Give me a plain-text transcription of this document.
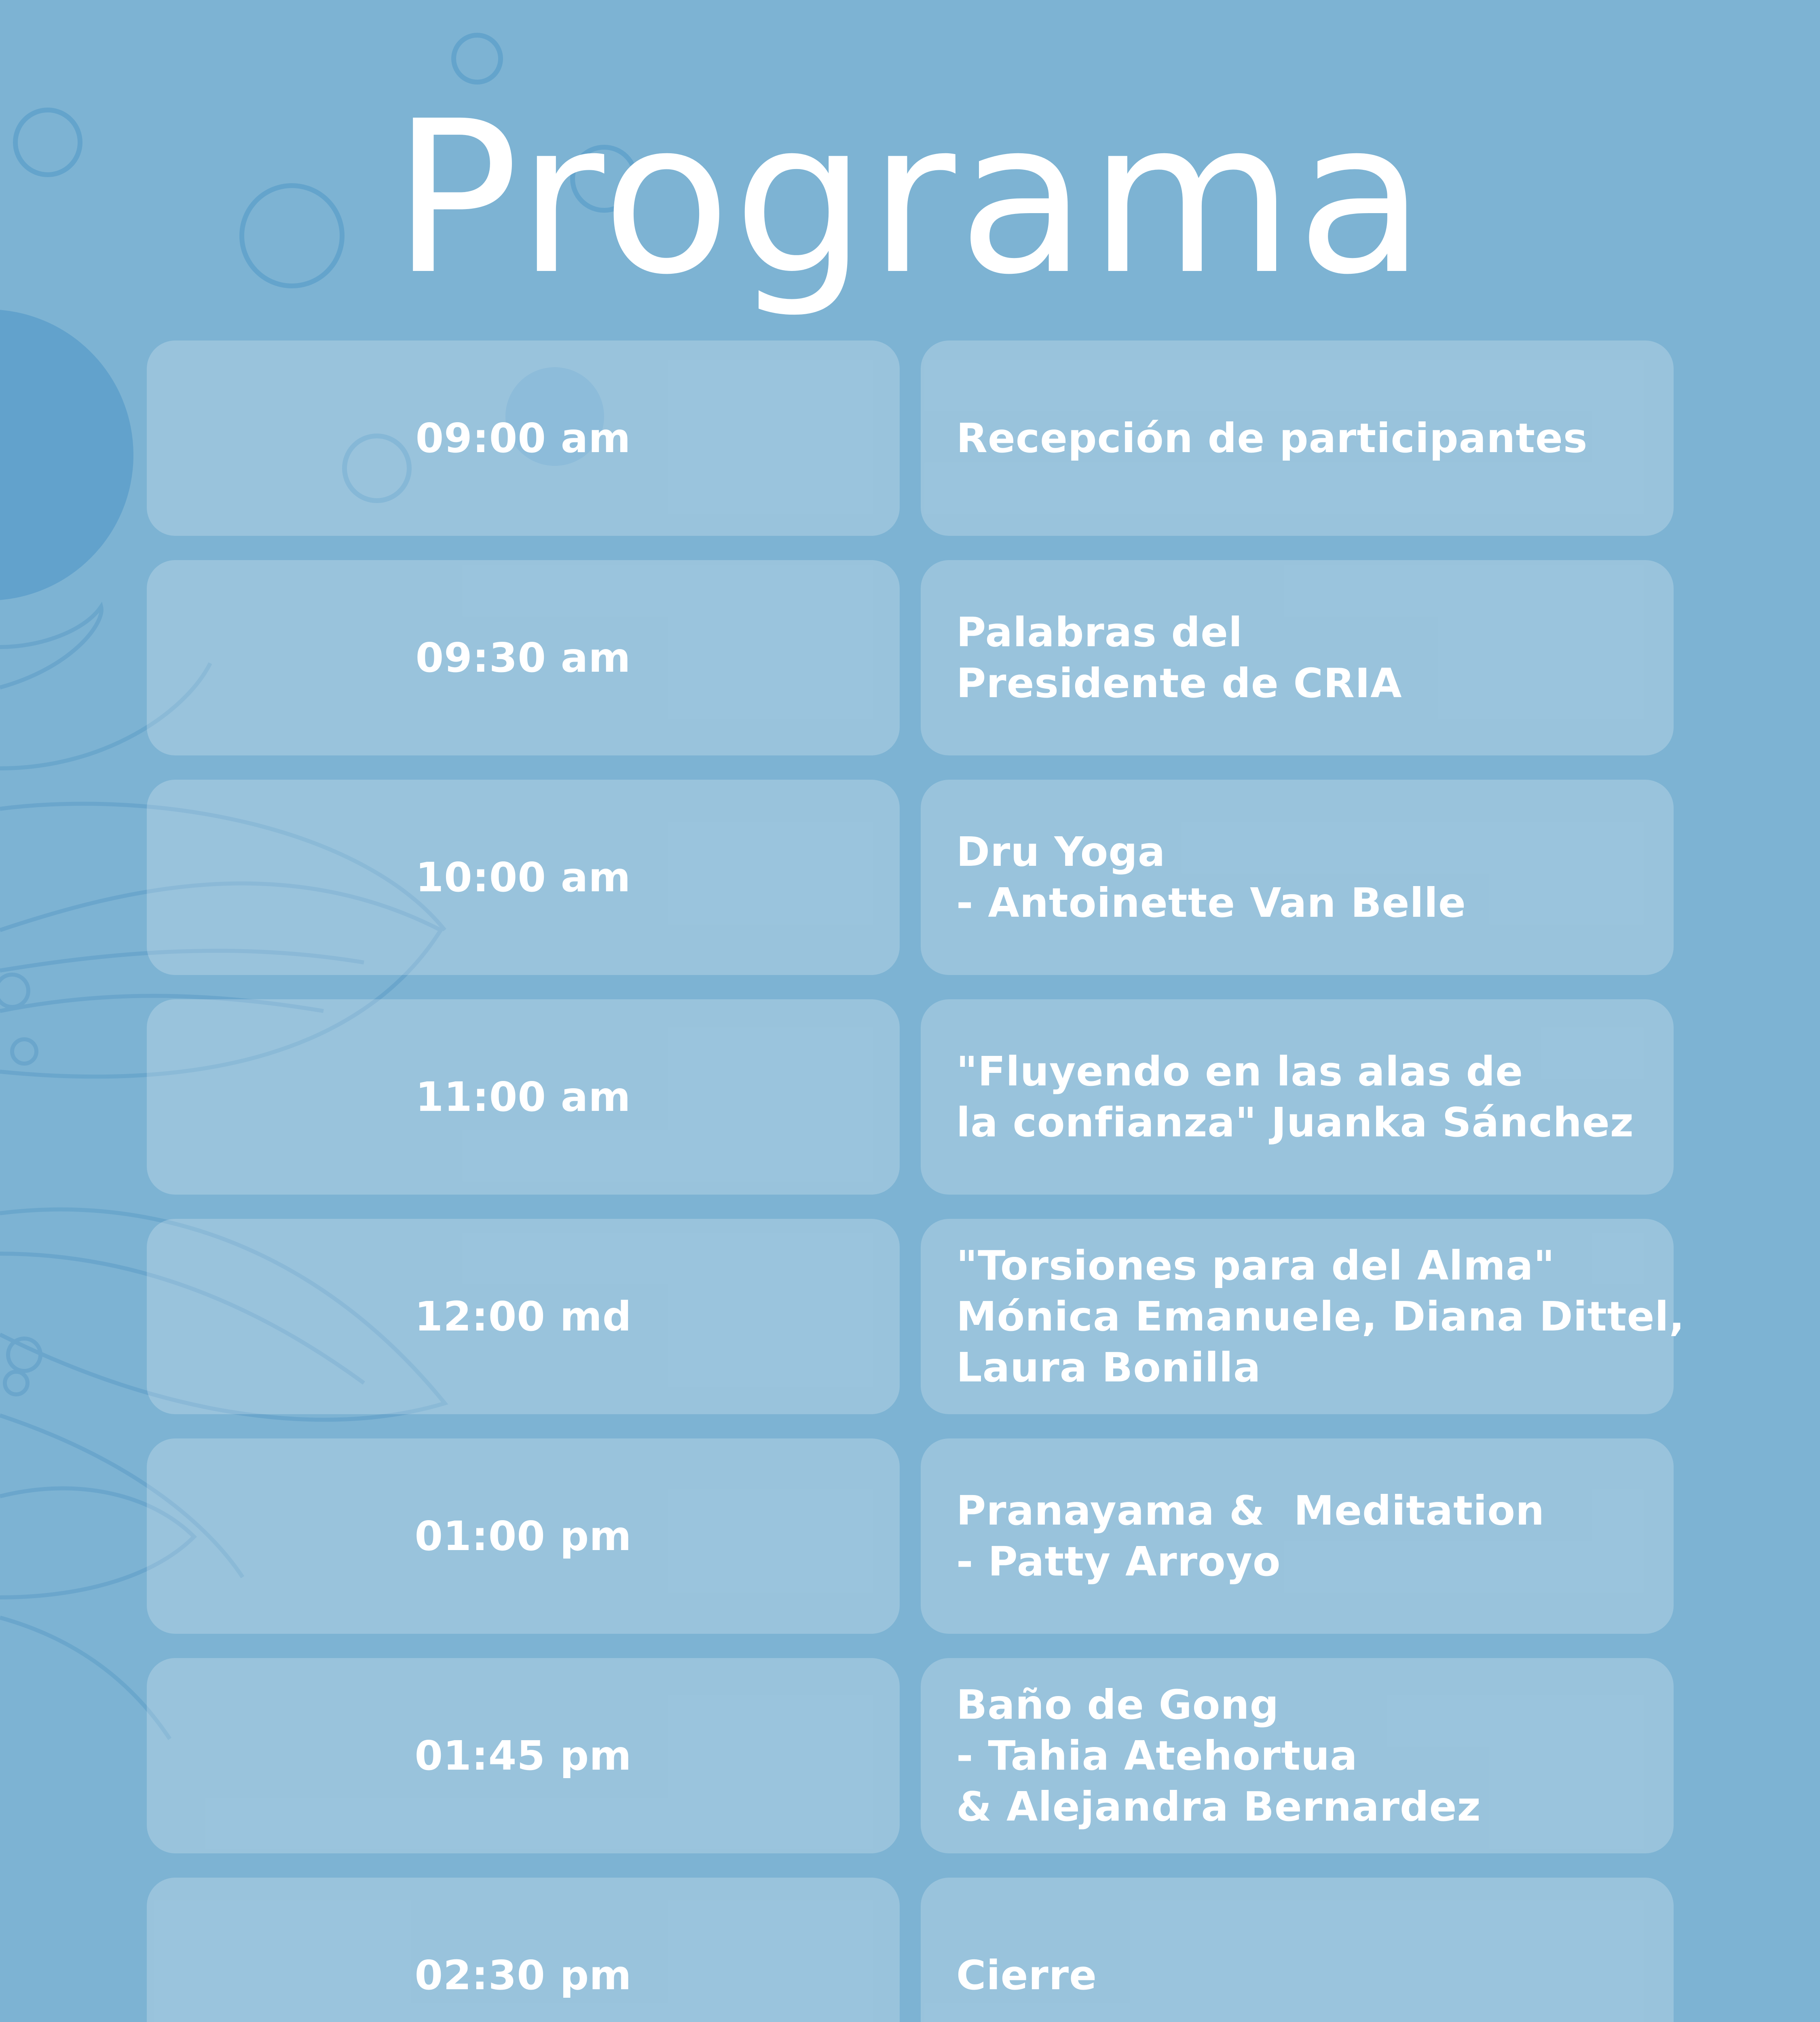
Programa
09:00 am	Recepción de participantes
09:30 am
Palabras del
Presidente de CRIA
10:00 am
Dru Yoga
- Antoinette Van Belle
11:00 am
"Fluyendo en las alas de
la confianza" Juanka Sánchez
12:00 md
"Torsiones para del Alma"
Mónica Emanuele, Diana Dittel,
Laura Bonilla
01:00 pm
Pranayama &  Meditation
- Patty Arroyo
01:45 pm
Baño de Gong
- Tahia Atehortua
& Alejandra Bernardez
02:30 pm	Cierre
